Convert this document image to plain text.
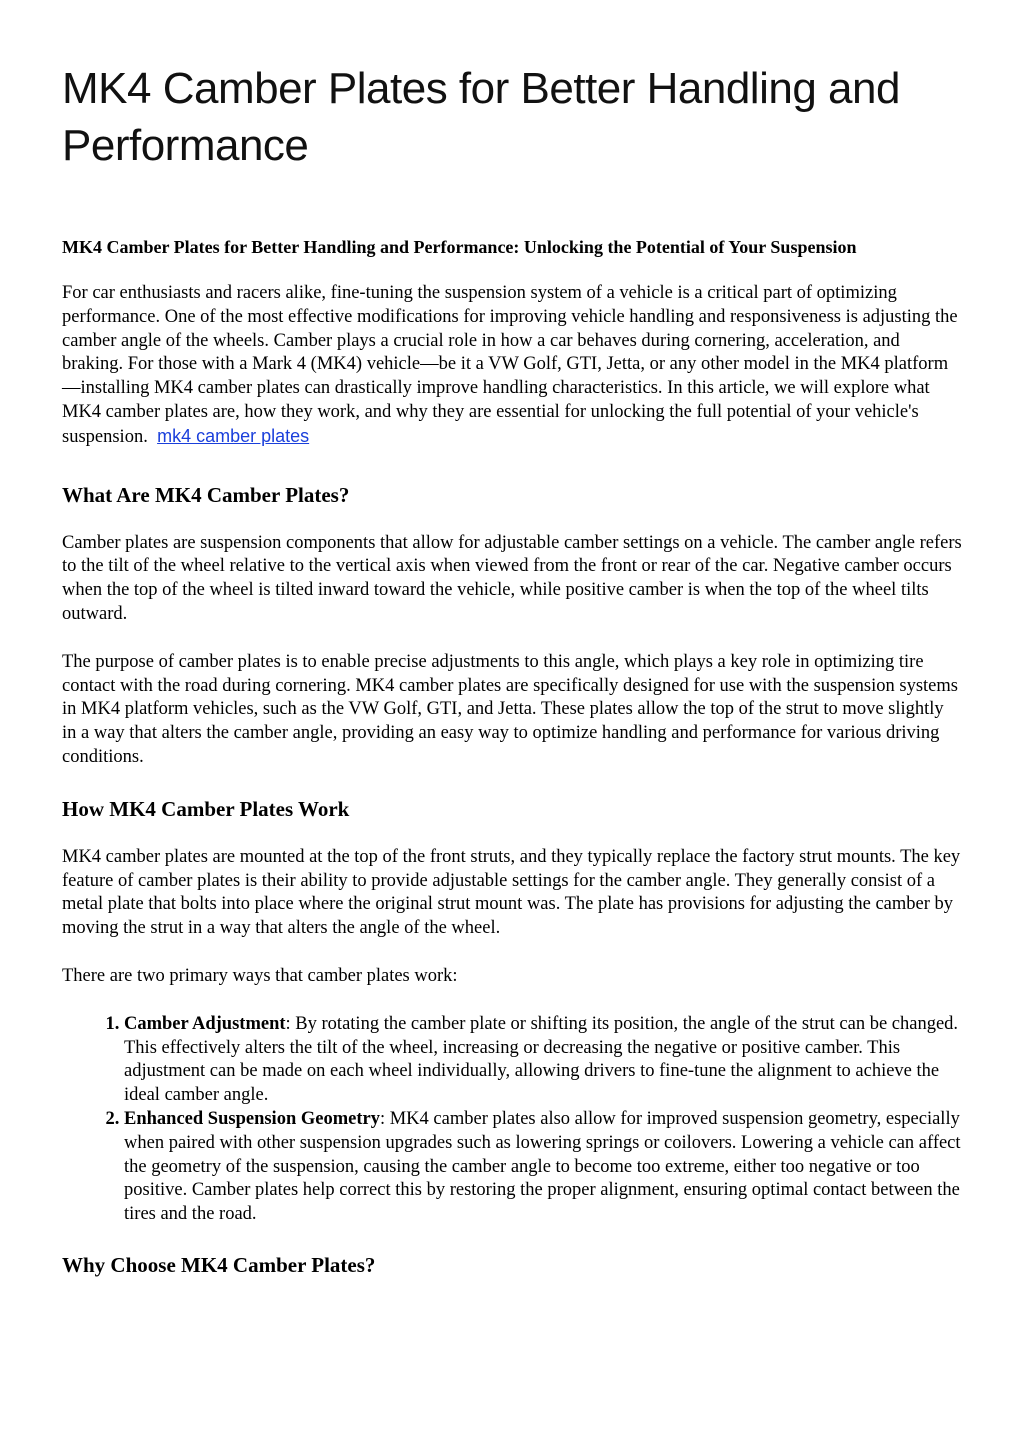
MK4 Camber Plates for Better Handling and Performance
MK4 Camber Plates for Better Handling and Performance: Unlocking the Potential of Your Suspension

For car enthusiasts and racers alike, fine-tuning the suspension system of a vehicle is a critical part of optimizing performance. One of the most effective modifications for improving vehicle handling and responsiveness is adjusting the camber angle of the wheels. Camber plays a crucial role in how a car behaves during cornering, acceleration, and braking. For those with a Mark 4 (MK4) vehicle—be it a VW Golf, GTI, Jetta, or any other model in the MK4 platform—installing MK4 camber plates can drastically improve handling characteristics. In this article, we will explore what MK4 camber plates are, how they work, and why they are essential for unlocking the full potential of your vehicle's suspension. mk4 camber plates

What Are MK4 Camber Plates?

Camber plates are suspension components that allow for adjustable camber settings on a vehicle. The camber angle refers to the tilt of the wheel relative to the vertical axis when viewed from the front or rear of the car. Negative camber occurs when the top of the wheel is tilted inward toward the vehicle, while positive camber is when the top of the wheel tilts outward.

The purpose of camber plates is to enable precise adjustments to this angle, which plays a key role in optimizing tire contact with the road during cornering. MK4 camber plates are specifically designed for use with the suspension systems in MK4 platform vehicles, such as the VW Golf, GTI, and Jetta. These plates allow the top of the strut to move slightly in a way that alters the camber angle, providing an easy way to optimize handling and performance for various driving conditions.

How MK4 Camber Plates Work

MK4 camber plates are mounted at the top of the front struts, and they typically replace the factory strut mounts. The key feature of camber plates is their ability to provide adjustable settings for the camber angle. They generally consist of a metal plate that bolts into place where the original strut mount was. The plate has provisions for adjusting the camber by moving the strut in a way that alters the angle of the wheel.

There are two primary ways that camber plates work:

1. Camber Adjustment: By rotating the camber plate or shifting its position, the angle of the strut can be changed. This effectively alters the tilt of the wheel, increasing or decreasing the negative or positive camber. This adjustment can be made on each wheel individually, allowing drivers to fine-tune the alignment to achieve the ideal camber angle.
2. Enhanced Suspension Geometry: MK4 camber plates also allow for improved suspension geometry, especially when paired with other suspension upgrades such as lowering springs or coilovers. Lowering a vehicle can affect the geometry of the suspension, causing the camber angle to become too extreme, either too negative or too positive. Camber plates help correct this by restoring the proper alignment, ensuring optimal contact between the tires and the road.
Why Choose MK4 Camber Plates?
